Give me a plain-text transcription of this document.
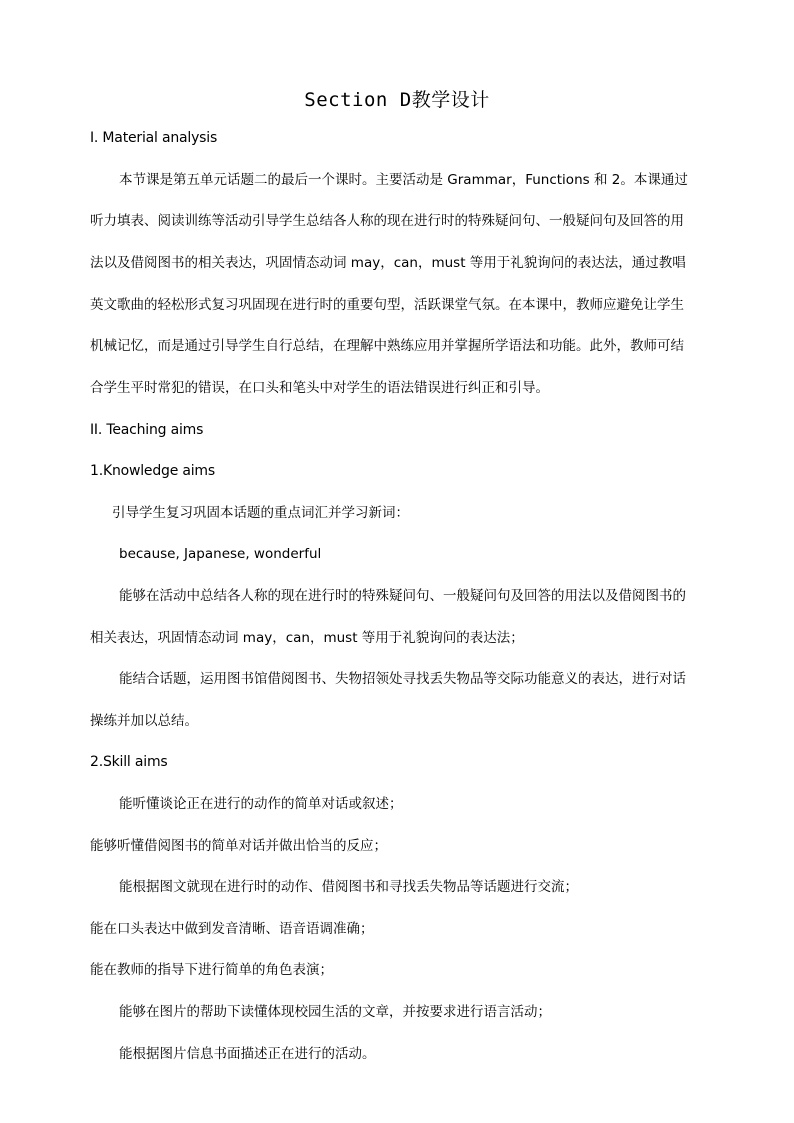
Section D教学设计
I. Material analysis
本节课是第五单元话题二的最后一个课时。主要活动是 Grammar，Functions 和 2。本课通过
听力填表、阅读训练等活动引导学生总结各人称的现在进行时的特殊疑问句、一般疑问句及回答的用
法以及借阅图书的相关表达，巩固情态动词 may，can，must 等用于礼貌询问的表达法，通过教唱
英文歌曲的轻松形式复习巩固现在进行时的重要句型，活跃课堂气氛。在本课中，教师应避免让学生
机械记忆，而是通过引导学生自行总结，在理解中熟练应用并掌握所学语法和功能。此外，教师可结
合学生平时常犯的错误，在口头和笔头中对学生的语法错误进行纠正和引导。
II. Teaching aims
1.Knowledge aims
引导学生复习巩固本话题的重点词汇并学习新词：
because, Japanese, wonderful
能够在活动中总结各人称的现在进行时的特殊疑问句、一般疑问句及回答的用法以及借阅图书的
相关表达，巩固情态动词 may，can，must 等用于礼貌询问的表达法；
能结合话题，运用图书馆借阅图书、失物招领处寻找丢失物品等交际功能意义的表达，进行对话
操练并加以总结。
2.Skill aims
能听懂谈论正在进行的动作的简单对话或叙述；
能够听懂借阅图书的简单对话并做出恰当的反应；
能根据图文就现在进行时的动作、借阅图书和寻找丢失物品等话题进行交流；
能在口头表达中做到发音清晰、语音语调准确；
能在教师的指导下进行简单的角色表演；
能够在图片的帮助下读懂体现校园生活的文章，并按要求进行语言活动；
能根据图片信息书面描述正在进行的活动。
